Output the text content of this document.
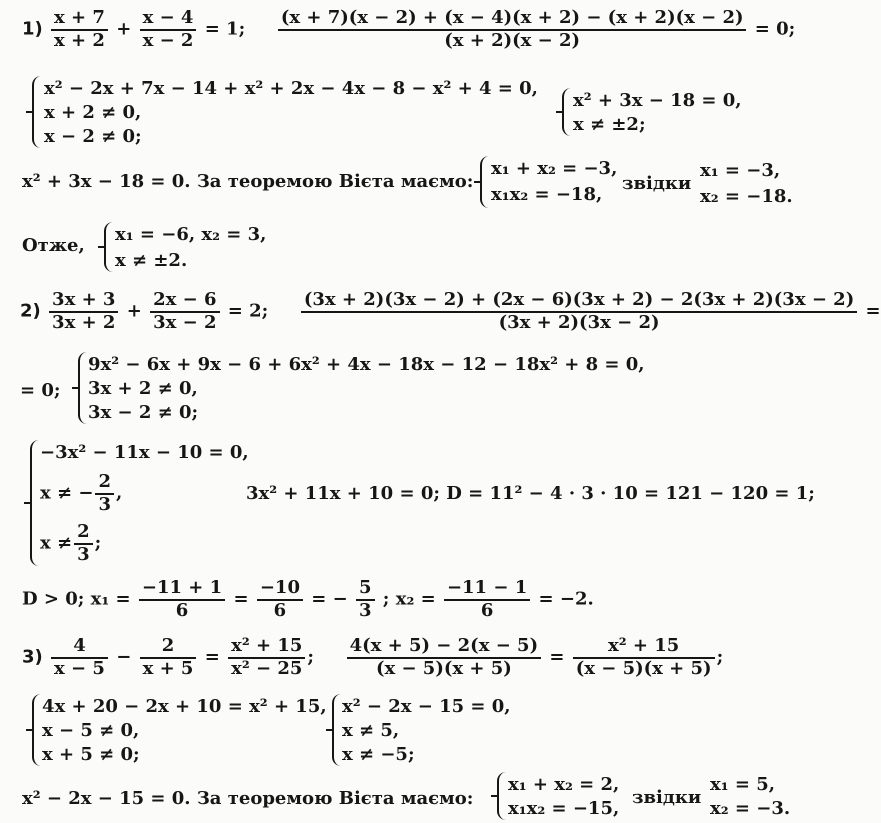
$1) \frac{x + 7}{x + 2} + \frac{x - 4}{x - 2} = 1$; $\frac{(x + 7)(x - 2) + (x - 4)(x + 2) - (x + 2)(x - 2)}{(x + 2)(x - 2)} = 0$;
x² − 2x + 7x − 14 + x² + 2x − 4x − 8 − x² + 4 = 0,
x + 2 ≠ 0,
x − 2 ≠ 0;
x² + 3x − 18 = 0,
x ≠ ±2;
x² + 3x − 18 = 0. За теоремою Вієта маємо:
x₁ + x₂ = −3,
x₁x₂ = −18,
звідки
x₁ = −3,
x₂ = −18.
Отже,
x₁ = −6, x₂ = 3,
x ≠ ±2.
$2) \frac{3x + 3}{3x + 2} + \frac{2x - 6}{3x - 2} = 2$; $\frac{(3x + 2)(3x - 2) + (2x - 6)(3x + 2) - 2(3x + 2)(3x - 2)}{(3x + 2)(3x - 2)}$ =
= 0;
9x² − 6x + 9x − 6 + 6x² + 4x − 18x − 12 − 18x² + 8 = 0,
3x + 2 ≠ 0,
3x − 2 ≠ 0;
−3x² − 11x − 10 = 0,
x ≠ − $\frac{2}{3}$ ,
$x \ne \frac{2}{3}$ ;
3x² + 11x + 10 = 0; D = 11² − 4 · 3 · 10 = 121 − 120 = 1;
D > 0; $x_1 = \frac{-11 + 1}{6} = \frac{-10}{6}$ = − $\frac{5}{3}$ ; $x_2 = \frac{-11 - 1}{6} = -2$.
$3) \frac{4}{x - 5} - \frac{2}{x + 5} = \frac{\text{x² + 15}}{\text{x² − 25}}$ ; $\frac{4(x + 5) - 2(x - 5)}{(x - 5)(x + 5)} = \frac{\text{x² + 15}}{(x - 5)(x + 5)}$ ;
4x + 20 − 2x + 10 = x² + 15,
x − 5 ≠ 0,
x + 5 ≠ 0;
x² − 2x − 15 = 0,
x ≠ 5,
x ≠ −5;
x² − 2x − 15 = 0. За теоремою Вієта маємо:
x₁ + x₂ = 2,
x₁x₂ = −15,
звідки
x₁ = 5,
x₂ = −3.
